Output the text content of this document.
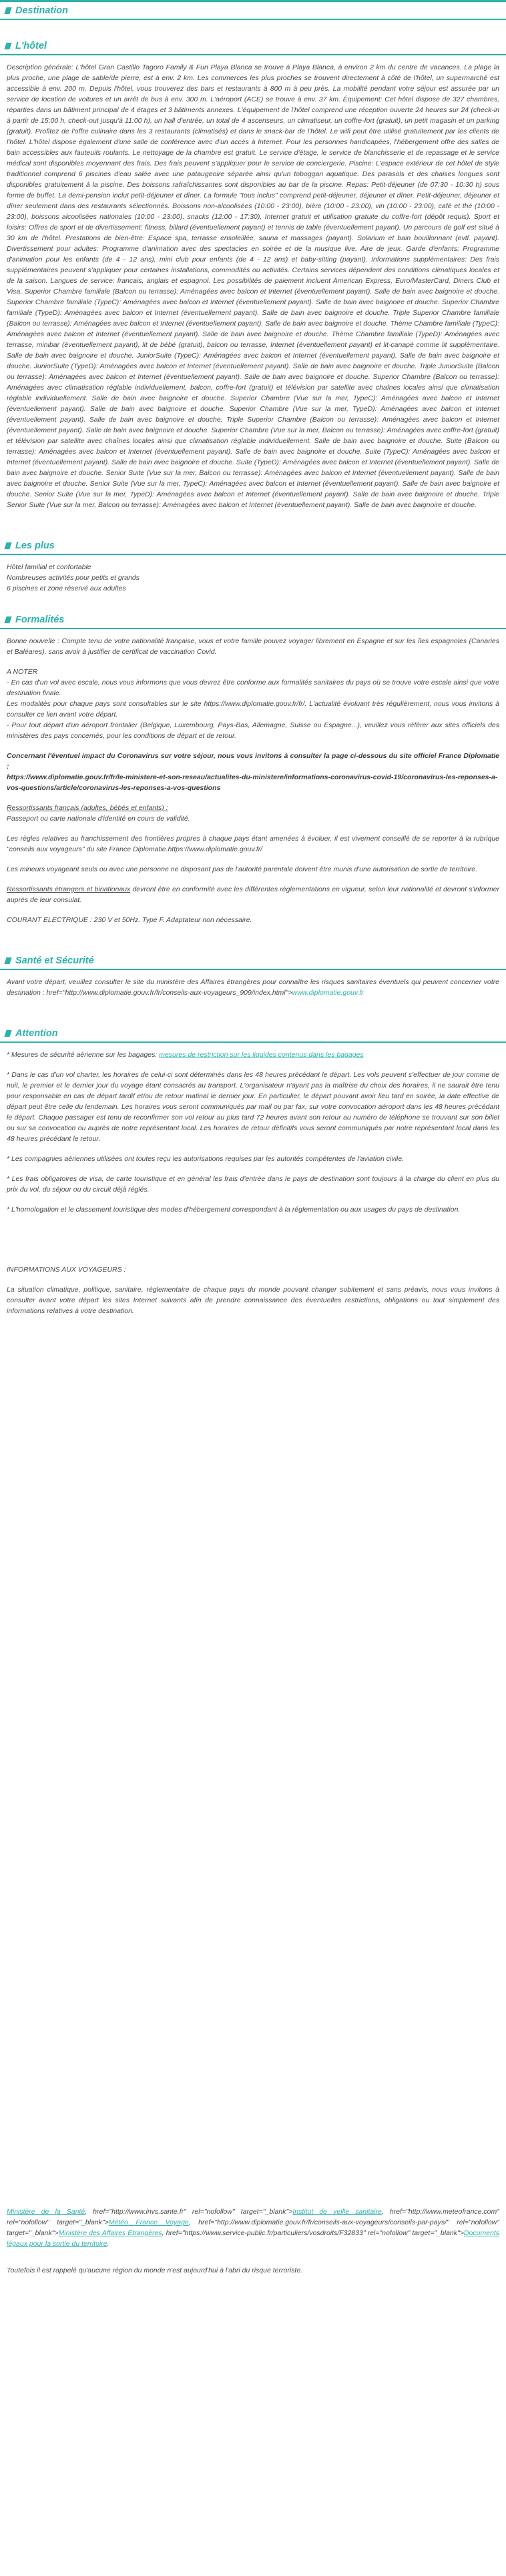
Destination
L'hôtel
Description générale: L'hôtel Gran Castillo Tagoro Family & Fun Playa Blanca se trouve à Playa Blanca, à environ 2 km du centre de vacances. La plage la plus proche, une plage de sable/de pierre, est à env. 2 km. Les commerces les plus proches se trouvent directement à côté de l'hôtel, un supermarché est accessible à env. 200 m. Depuis l'hôtel, vous trouverez des bars et restaurants à 800 m à peu près. La mobilité pendant votre séjour est assurée par un service de location de voitures et un arrêt de bus à env. 300 m. L'aéroport (ACE) se trouve à env. 37 km. Équipement: Cet hôtel dispose de 327 chambres, réparties dans un bâtiment principal de 4 étages et 3 bâtiments annexes. L'équipement de l'hôtel comprend une réception ouverte 24 heures sur 24 (check-in à partir de 15:00 h, check-out jusqu'à 11:00 h), un hall d'entrée, un total de 4 ascenseurs, un climatiseur, un coffre-fort (gratuit), un petit magasin et un parking (gratuit). Profitez de l'offre culinaire dans les 3 restaurants (climatisés) et dans le snack-bar de l'hôtel. Le wifi peut être utilisé gratuitement par les clients de l'hôtel. L'hôtel dispose également d'une salle de conférence avec d'un accès à Internet. Pour les personnes handicapées, l'hébergement offre des salles de bain accessibles aux fauteuils roulants. Le nettoyage de la chambre est gratuit. Le service d'étage, le service de blanchisserie et de repassage et le service médical sont disponibles moyennant des frais. Des frais peuvent s'appliquer pour le service de conciergerie. Piscine: L'espace extérieur de cet hôtel de style traditionnel comprend 6 piscines d'eau salée avec une pataugeoire séparée ainsi qu'un toboggan aquatique. Des parasols et des chaises longues sont disponibles gratuitement à la piscine. Des boissons rafraîchissantes sont disponibles au bar de la piscine. Repas: Petit-déjeuner (de 07:30 - 10:30 h) sous forme de buffet. La demi-pension inclut petit-déjeuner et dîner. La formule "tous inclus" comprend petit-déjeuner, déjeuner et dîner. Petit-déjeuner, déjeuner et dîner seulement dans des restaurants sélectionnés. Boissons non-alcoolisées (10:00 - 23:00), bière (10:00 - 23:00), vin (10:00 - 23:00), café et thé (10:00 - 23:00), boissons alcoolisées nationales (10:00 - 23:00), snacks (12:00 - 17:30), Internet gratuit et utilisation gratuite du coffre-fort (dépôt requis). Sport et loisirs: Offres de sport et de divertissement: fitness, billard (éventuellement payant) et tennis de table (éventuellement payant). Un parcours de golf est situé à 30 km de l'hôtel. Prestations de bien-être: Espace spa, terrasse ensoleillée, sauna et massages (payant). Solarium et bain bouillonnant (evtl. payant). Divertissement pour adultes: Programme d'animation avec des spectacles en soirée et de la musique live. Aire de jeux. Garde d'enfants: Programme d'animation pour les enfants (de 4 - 12 ans), mini club pour enfants (de 4 - 12 ans) et baby-sitting (payant). Informations supplémentaires: Des frais supplémentaires peuvent s'appliquer pour certaines installations, commodités ou activités. Certains services dépendent des conditions climatiques locales et de la saison. Langues de service: francais, anglais et espagnol. Les possibilités de paiement incluent American Express, Euro/MasterCard, Diners Club et Visa. Superior Chambre familiale (Balcon ou terrasse): Aménagées avec balcon et Internet (éventuellement payant). Salle de bain avec baignoire et douche. Superior Chambre familiale (TypeC): Aménagées avec balcon et Internet (éventuellement payant). Salle de bain avec baignoire et douche. Superior Chambre familiale (TypeD): Aménagées avec balcon et Internet (éventuellement payant). Salle de bain avec baignoire et douche. Triple Superior Chambre familiale (Balcon ou terrasse): Aménagées avec balcon et Internet (éventuellement payant). Salle de bain avec baignoire et douche. Thème Chambre familiale (TypeC): Aménagées avec balcon et Internet (éventuellement payant). Salle de bain avec baignoire et douche. Thème Chambre familiale (TypeD): Aménagées avec terrasse, minibar (éventuellement payant), lit de bébé (gratuit), balcon ou terrasse, Internet (éventuellement payant) et lit-canapé comme lit supplémentaire. Salle de bain avec baignoire et douche. JuniorSuite (TypeC): Aménagées avec balcon et Internet (éventuellement payant). Salle de bain avec baignoire et douche. JuniorSuite (TypeD): Aménagées avec balcon et Internet (éventuellement payant). Salle de bain avec baignoire et douche. Triple JuniorSuite (Balcon ou terrasse): Aménagées avec balcon et Internet (éventuellement payant). Salle de bain avec baignoire et douche. Superior Chambre (Balcon ou terrasse): Aménagées avec climatisation réglable individuellement, balcon, coffre-fort (gratuit) et télévision par satellite avec chaînes locales ainsi que climatisation réglable individuellement. Salle de bain avec baignoire et douche. Superior Chambre (Vue sur la mer, TypeC): Aménagées avec balcon et Internet (éventuellement payant). Salle de bain avec baignoire et douche. Superior Chambre (Vue sur la mer, TypeD): Aménagées avec balcon et Internet (éventuellement payant). Salle de bain avec baignoire et douche. Triple Superior Chambre (Balcon ou terrasse): Aménagées avec balcon et Internet (éventuellement payant). Salle de bain avec baignoire et douche. Superior Chambre (Vue sur la mer, Balcon ou terrasse): Aménagées avec coffre-fort (gratuit) et télévision par satellite avec chaînes locales ainsi que climatisation réglable individuellement. Salle de bain avec baignoire et douche. Suite (Balcon ou terrasse): Aménagées avec balcon et Internet (éventuellement payant). Salle de bain avec baignoire et douche. Suite (TypeC): Aménagées avec balcon et Internet (éventuellement payant). Salle de bain avec baignoire et douche. Suite (TypeD): Aménagées avec balcon et Internet (éventuellement payant). Salle de bain avec baignoire et douche. Senior Suite (Vue sur la mer, Balcon ou terrasse): Aménagées avec balcon et Internet (éventuellement payant). Salle de bain avec baignoire et douche. Senior Suite (Vue sur la mer, TypeC): Aménagées avec balcon et Internet (éventuellement payant). Salle de bain avec baignoire et douche. Senior Suite (Vue sur la mer, TypeD): Aménagées avec balcon et Internet (éventuellement payant). Salle de bain avec baignoire et douche. Triple Senior Suite (Vue sur la mer, Balcon ou terrasse): Aménagées avec balcon et Internet (éventuellement payant). Salle de bain avec baignoire et douche.
Les plus
Hôtel familial et confortable
Nombreuses activités pour petits et grands
6 piscines et zone réservé aux adultes
Formalités
Bonne nouvelle : Compte tenu de votre nationalité française, vous et votre famille pouvez voyager librement en Espagne et sur les îles espagnoles (Canaries et Baléares), sans avoir à justifier de certificat de vaccination Covid.
A NOTER
- En cas d'un vol avec escale, nous vous informons que vous devrez être conforme aux formalités sanitaires du pays où se trouve votre escale ainsi que votre destination finale.
Les modalités pour chaque pays sont consultables sur le site https://www.diplomatie.gouv.fr/fr/. L'actualité évoluant très régulièrement, nous vous invitons à consulter ce lien avant votre départ.
- Pour tout départ d'un aéroport frontalier (Belgique, Luxembourg, Pays-Bas, Allemagne, Suisse ou Espagne...), veuillez vous référer aux sites officiels des ministères des pays concernés, pour les conditions de départ et de retour.
Concernant l'éventuel impact du Coronavirus sur votre séjour, nous vous invitons à consulter la page ci-dessous du site officiel France Diplomatie :
https://www.diplomatie.gouv.fr/fr/le-ministere-et-son-reseau/actualites-du-ministere/informations-coronavirus-covid-19/coronavirus-les-reponses-a-vos-questions/article/coronavirus-les-reponses-a-vos-questions
Ressortissants français (adultes, bébés et enfants) :
Passeport ou carte nationale d'identité en cours de validité.
Les règles relatives au franchissement des frontières propres à chaque pays étant amenées à évoluer, il est vivement conseillé de se reporter à la rubrique "conseils aux voyageurs" du site France Diplomatie.https://www.diplomatie.gouv.fr/
Les mineurs voyageant seuls ou avec une personne ne disposant pas de l'autorité parentale doivent être munis d'une autorisation de sortie de territoire.
Ressortissants étrangers et binationaux devront être en conformité avec les différentes réglementations en vigueur, selon leur nationalité et devront s'informer auprès de leur consulat.
COURANT ELECTRIQUE : 230 V et 50Hz. Type F. Adaptateur non nécessaire.
Santé et Sécurité
Avant votre départ, veuillez consulter le site du ministère des Affaires étrangères pour connaître les risques sanitaires éventuels qui peuvent concerner votre destination : href="http://www.diplomatie.gouv.fr/fr/conseils-aux-voyageurs_909/index.html">www.diplomatie.gouv.fr
Attention
* Mesures de sécurité aérienne sur les bagages: mesures de restriction sur les liquides contenus dans les bagages
* Dans le cas d'un vol charter, les horaires de celui-ci sont déterminés dans les 48 heures précédant le départ. Les vols peuvent s'effectuer de jour comme de nuit, le premier et le dernier jour du voyage étant consacrés au transport. L'organisateur n'ayant pas la maîtrise du choix des horaires, il ne saurait être tenu pour responsable en cas de départ tardif et/ou de retour matinal le dernier jour. En particulier, le départ pouvant avoir lieu tard en soirée, la date effective de départ peut être celle du lendemain. Les horaires vous seront communiqués par mail ou par fax, sur votre convocation aéroport dans les 48 heures précédant le départ. Chaque passager est tenu de reconfirmer son vol retour au plus tard 72 heures avant son retour au numéro de téléphone se trouvant sur son billet ou sur sa convocation ou auprès de notre représentant local. Les horaires de retour définitifs vous seront communiqués par notre représentant local dans les 48 heures précédant le retour.
* Les compagnies aériennes utilisées ont toutes reçu les autorisations requises par les autorités compétentes de l'aviation civile.
* Les frais obligatoires de visa, de carte touristique et en général les frais d'entrée dans le pays de destination sont toujours à la charge du client en plus du prix du vol, du séjour ou du circuit déjà réglés.
* L'homologation et le classement touristique des modes d'hébergement correspondant à la réglementation ou aux usages du pays de destination.
INFORMATIONS AUX VOYAGEURS :
La situation climatique, politique, sanitaire, réglementaire de chaque pays du monde pouvant changer subitement et sans préavis, nous vous invitons à consulter avant votre départ les sites Internet suivants afin de prendre connaissance des éventuelles restrictions, obligations ou tout simplement des informations relatives à votre destination.
Ministère de la Santé, href="http://www.invs.sante.fr" rel="nofollow" target="_blank">Institut de veille sanitaire, href="http://www.meteofrance.com" rel="nofollow" target="_blank">Météo France Voyage, href="http://www.diplomatie.gouv.fr/fr/conseils-aux-voyageurs/conseils-par-pays/" rel="nofollow" target="_blank">Ministère des Affaires Etrangères, href="https://www.service-public.fr/particuliers/vosdroits/F32833" rel="nofollow" target="_blank">Documents légaux pour la sortie du territoire.
Toutefois il est rappelé qu'aucune région du monde n'est aujourd'hui à l'abri du risque terroriste.
